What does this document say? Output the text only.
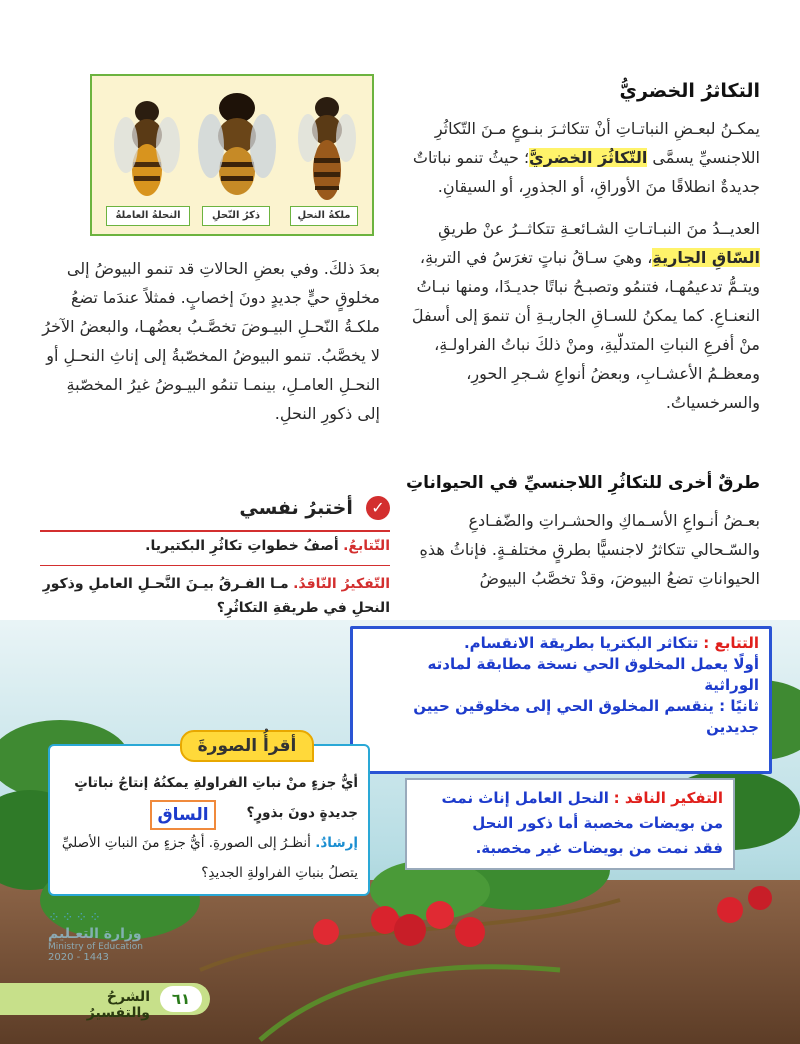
التكاثرُ الخضريُّ
يمكـنُ لبعـضِ النباتـاتِ أنْ تتكاثـرَ بنـوعٍ مـنَ التّكاثُرِ اللاجنسيِّ يسمَّى التّكاثُرَ الخضريَّ؛ حيثُ تنمو نباتاتٌ جديدةٌ انطلاقًا منَ الأوراقِ، أو الجذورِ، أو السيقانِ.
العديــدُ منَ النبـاتـاتِ الشـائعـةِ تتكاثــرُ عنْ طريقِ السّاقِ الجاريةِ، وهيَ سـاقُ نباتٍ تغرَسُ في التربةِ، ويتـمُّ تدعيمُهـا، فتنمُو وتصبـحُ نباتًا جديـدًا، ومنها نبـاتُ النعنـاعِ. كما يمكنُ للسـاقِ الجاريـةِ أن تنموَ إلى أسفلَ منْ أفرعِ النباتِ المتدلّيةِ، ومنْ ذلكَ نباتُ الفراولـةِ، ومعظـمُ الأعشـابِ، وبعضُ أنواعِ شـجرِ الحورِ، والسرخسياتُ.
طرقٌ أخرى للتكاثُرِ اللاجنسيِّ في الحيواناتِ
بعـضُ أنـواعِ الأسـماكِ والحشـراتِ والضّفـادعِ والسّـحالي تتكاثرُ لاجنسيًّا بطرقٍ مختلفـةٍ. فإناثُ هذهِ الحيواناتِ تضعُ البيوضَ، وقدْ تخصَّبُ البيوضُ
ملكةُ النحلِ
ذكرُ النّحلِ
النحلةُ العاملةُ
بعدَ ذلكَ. وفي بعضِ الحالاتِ قد تنمو البيوضُ إلى مخلوقٍ حيٍّ جديدٍ دونَ إخصابٍ. فمثلاً عندَما تضعُ ملكـةُ النّحـلِ البيـوضَ تخصَّـبُ بعضُهـا، والبعضُ الآخرُ لا يخصَّبُ. تنمو البيوضُ المخصّبةُ إلى إناثِ النحـلِ أو النحـلِ العامـلِ، بينمـا تنمُو البيـوضُ غيرُ المخصّبةِ إلى ذكورِ النحلِ.
✓ أختبرُ نفسي
التّتابعُ. أصفُ خطواتِ تكاثُرِ البكتيريا.
التّفكيرُ النّاقدُ. مـا الفـرقُ بيـنَ النَّحـلِ العاملِ وذكورِ النحلِ في طريقةِ التكاثُرِ؟
التتابع : تتكاثر البكتريا بطريقة الانقسام.
أولًا يعمل المخلوق الحي نسخة مطابقة لمادته
الوراثية
ثانيًا : ينقسم المخلوق الحي إلى مخلوقين حيين
جديدين
التفكير الناقد : النحل العامل إناث نمت
من بويضات مخصبة أما ذكور النحل
فقد نمت من بويضات غير مخصبة.
أيُّ جزءٍ منْ نباتِ الفراولةِ يمكنُهُ إنتاجُ نباتاتٍ
جديدةٍ دونَ بذورٍ؟
إرشادٌ. أنظـرُ إلى الصورةِ. أيُّ جزءٍ منَ النباتِ الأصليِّ يتصلُ بنباتِ الفراولةِ الجديدِ؟
أقرأُ الصورةَ
الساق
⁘⁘⁘⁘
وزارة التعـليم
Ministry of Education
2020 - 1443
الشرحُ والتفسيرُ
٦١
